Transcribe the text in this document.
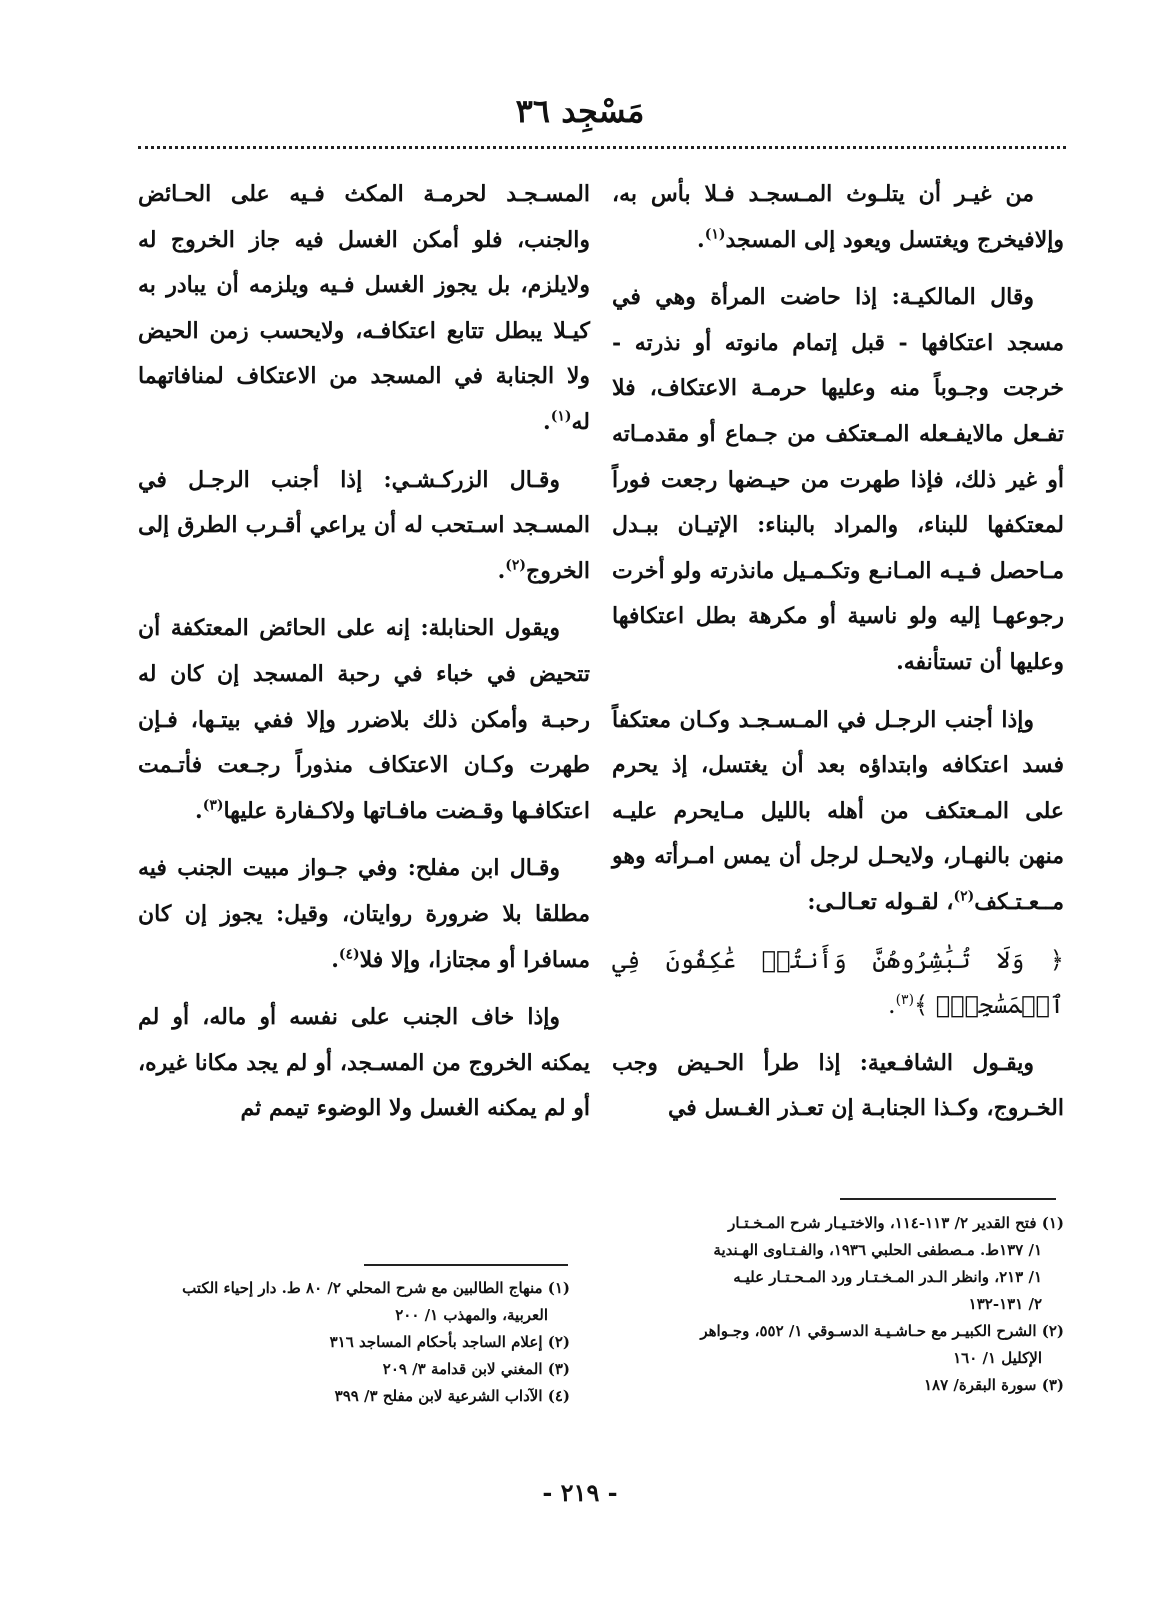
مَسْجِد ٣٦

من غيـر أن يتلـوث المـسجـد فـلا بأس به، وإلافيخرج ويغتسل ويعود إلى المسجد$^{(١)}$.

وقال المالكيـة: إذا حاضت المرأة وهي في مسجد اعتكافها - قبل إتمام مانوته أو نذرته - خرجت وجـوباً منه وعليها حرمـة الاعتكاف، فلا تفـعل مالايفـعله المـعتكف من جـماع أو مقدمـاته أو غير ذلك، فإذا طهرت من حيـضها رجعت فوراً لمعتكفها للبناء، والمراد بالبناء: الإتيـان ببـدل مـاحصل فـيـه المـانـع وتكـمـيل مانذرته ولو أخرت رجوعهـا إليه ولو ناسية أو مكرهة بطل اعتكافها وعليها أن تستأنفه.

وإذا أجنب الرجـل في المـسـجـد وكـان معتكفاً فسد اعتكافه وابتداؤه بعد أن يغتسل، إذ يحرم على المـعتكف من أهله بالليل مـايحرم عليـه منهن بالنهـار، ولايحـل لرجل أن يمس امـرأته وهو مــعـتـكف$^{(٢)}$، لقـوله تعـالـى:

﴿ وَلَا تُبَٰشِرُوهُنَّ وَأَنتُمۡ عَٰكِفُونَ فِي ٱلۡمَسَٰجِدِۗ ﴾$^{(٣)}$.

ويقـول الشافـعية: إذا طرأ الحـيض وجب الخـروج، وكـذا الجنابـة إن تعـذر الغـسل في

المسـجـد لحرمـة المكث فـيه على الحـائض والجنب، فلو أمكن الغسل فيه جاز الخروج له ولايلزم، بل يجوز الغسل فـيه ويلزمه أن يبادر به كيـلا يبطل تتابع اعتكافـه، ولايحسب زمن الحيض ولا الجنابة في المسجد من الاعتكاف لمنافاتهما له$^{(١)}$.

وقـال الزركـشـي: إذا أجنب الرجـل في المسـجد اسـتحب له أن يراعي أقـرب الطرق إلى الخروج$^{(٢)}$.

ويقول الحنابلة: إنه على الحائض المعتكفة أن تتحيض في خباء في رحبة المسجد إن كان له رحبـة وأمكن ذلك بلاضرر وإلا ففي بيتـها، فـإن طهرت وكـان الاعتكاف منذوراً رجـعت فأتـمت اعتكافـها وقـضت مافـاتها ولاكـفارة عليها$^{(٣)}$.

وقـال ابن مفلح: وفي جـواز مبيت الجنب فيه مطلقا بلا ضرورة روايتان، وقيل: يجوز إن كان مسافرا أو مجتازا، وإلا فلا$^{(٤)}$.

وإذا خاف الجنب على نفسه أو ماله، أو لم يمكنه الخروج من المسـجد، أو لم يجد مكانا غيره، أو لم يمكنه الغسل ولا الوضوء تيمم ثم

(١) فتح القدير ٢/ ١١٣-١١٤، والاختـيـار شرح المـخـتـار
١/ ١٣٧ط. مـصطفى الحلبي ١٩٣٦، والفـتـاوى الهـندية
١/ ٢١٣، وانظر الـدر المـخـتـار ورد المـحـتـار عليـه
٢/ ١٣١-١٣٢
(٢) الشرح الكبيـر مع حـاشـيـة الدسـوقي ١/ ٥٥٢، وجـواهر
الإكليل ١/ ١٦٠
(٣) سورة البقرة/ ١٨٧
(١) منهاج الطالبين مع شرح المحلي ٢/ ٨٠ ط. دار إحياء الكتب
العربية، والمهذب ١/ ٢٠٠
(٢) إعلام الساجد بأحكام المساجد ٣١٦
(٣) المغني لابن قدامة ٣/ ٢٠٩
(٤) الآداب الشرعية لابن مفلح ٣/ ٣٩٩
- ٢١٩ -
